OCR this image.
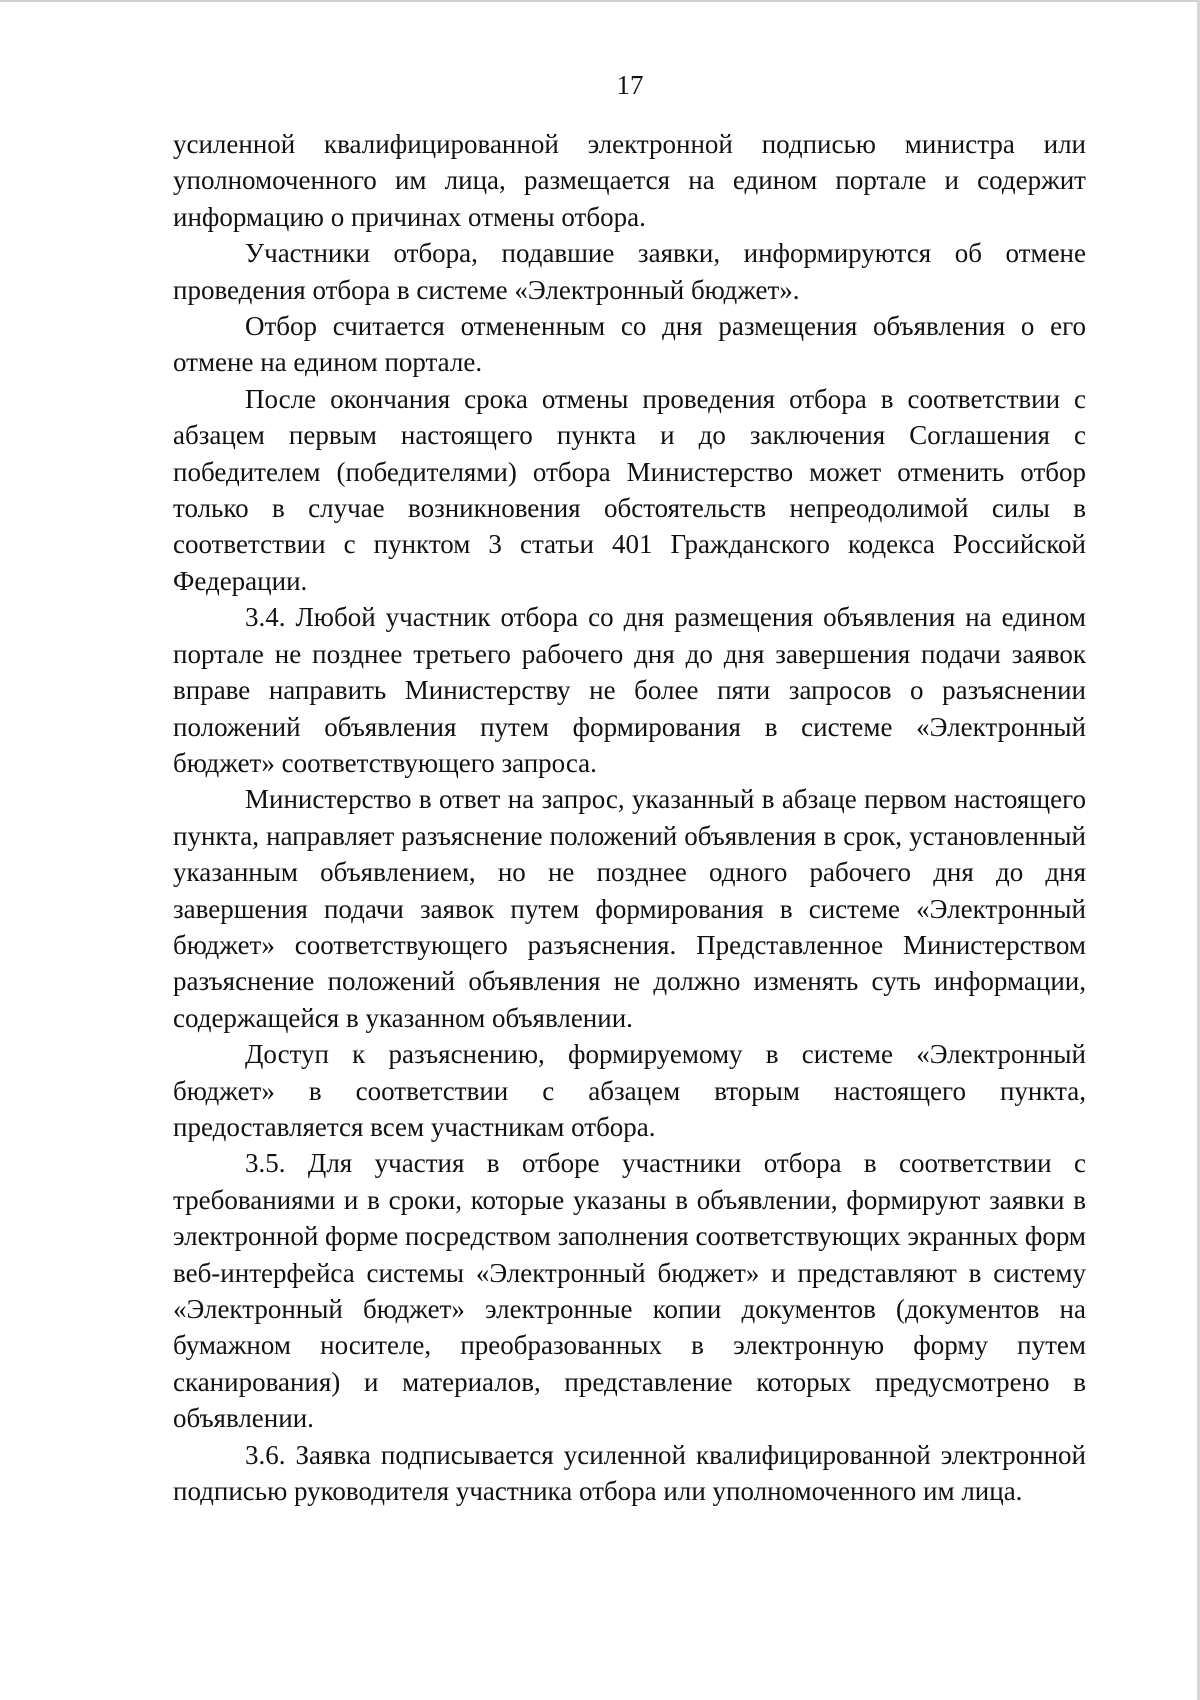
17

усиленной квалифицированной электронной подписью министра или уполномоченного им лица, размещается на едином портале и содержит информацию о причинах отмены отбора.

Участники отбора, подавшие заявки, информируются об отмене проведения отбора в системе «Электронный бюджет».

Отбор считается отмененным со дня размещения объявления о его отмене на едином портале.

После окончания срока отмены проведения отбора в соответствии с абзацем первым настоящего пункта и до заключения Соглашения с победителем (победителями) отбора Министерство может отменить отбор только в случае возникновения обстоятельств непреодолимой силы в соответствии с пунктом 3 статьи 401 Гражданского кодекса Российской Федерации.

3.4. Любой участник отбора со дня размещения объявления на едином портале не позднее третьего рабочего дня до дня завершения подачи заявок вправе направить Министерству не более пяти запросов о разъяснении положений объявления путем формирования в системе «Электронный бюджет» соответствующего запроса.

Министерство в ответ на запрос, указанный в абзаце первом настоящего пункта, направляет разъяснение положений объявления в срок, установленный указанным объявлением, но не позднее одного рабочего дня до дня завершения подачи заявок путем формирования в системе «Электронный бюджет» соответствующего разъяснения. Представленное Министерством разъяснение положений объявления не должно изменять суть информации, содержащейся в указанном объявлении.

Доступ к разъяснению, формируемому в системе «Электронный бюджет» в соответствии с абзацем вторым настоящего пункта, предоставляется всем участникам отбора.

3.5. Для участия в отборе участники отбора в соответствии с требованиями и в сроки, которые указаны в объявлении, формируют заявки в электронной форме посредством заполнения соответствующих экранных форм веб-интерфейса системы «Электронный бюджет» и представляют в систему «Электронный бюджет» электронные копии документов (документов на бумажном носителе, преобразованных в электронную форму путем сканирования) и материалов, представление которых предусмотрено в объявлении.

3.6. Заявка подписывается усиленной квалифицированной электронной подписью руководителя участника отбора или уполномоченного им лица.
